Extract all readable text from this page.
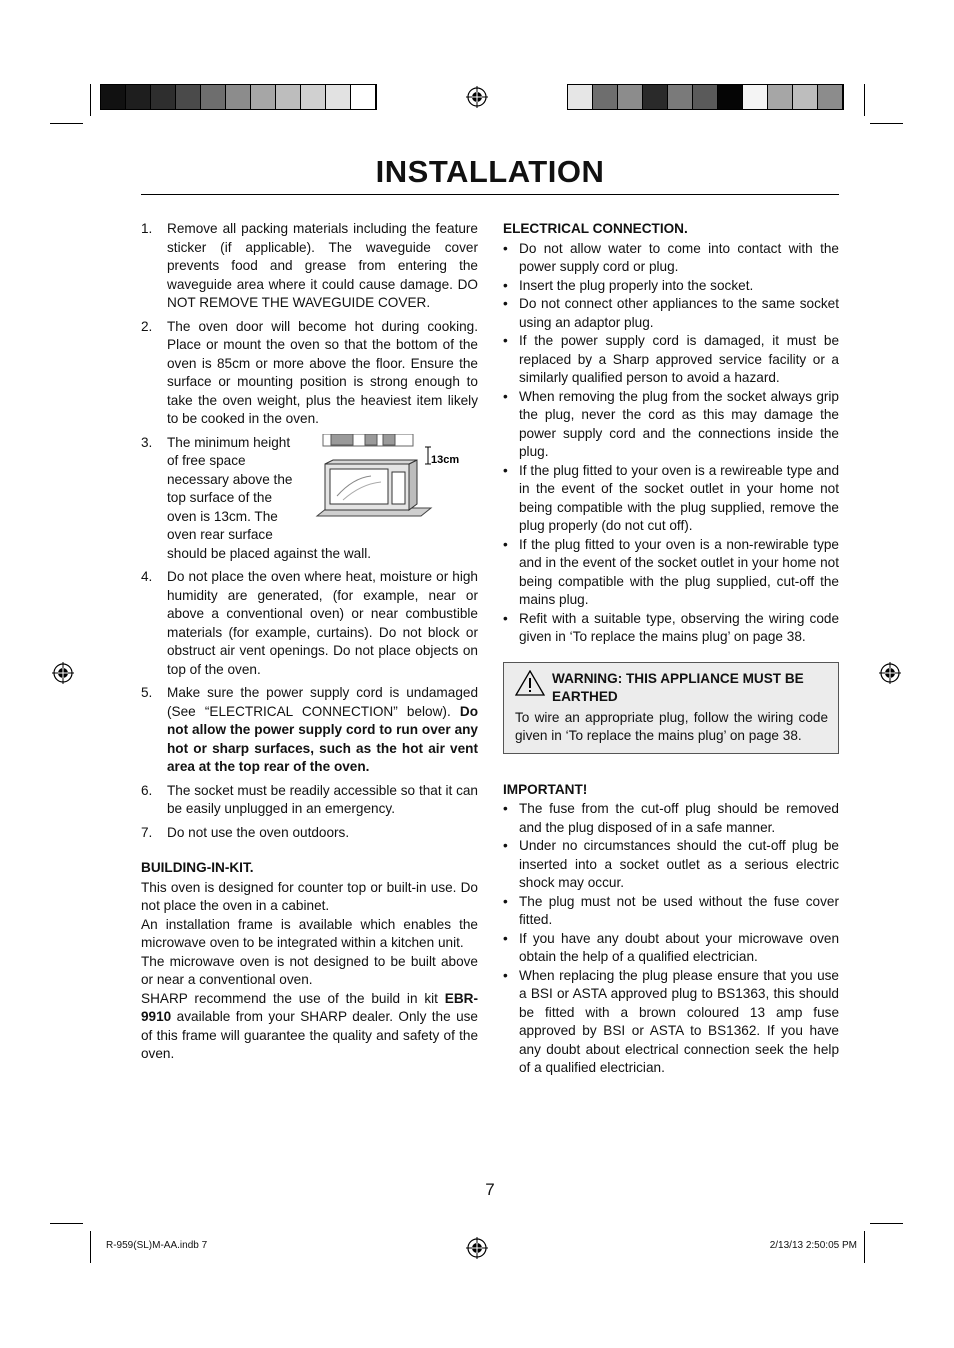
INSTALLATION
1.	Remove all packing materials including the feature sticker (if applicable). The waveguide cover prevents food and grease from entering the waveguide area where it could cause damage. DO NOT REMOVE THE WAVEGUIDE COVER.
2.	The oven door will become hot during cooking. Place or mount the oven so that the bottom of the oven is 85cm or more above the floor. Ensure the surface or mounting position is strong enough to take the oven weight, plus the heaviest item likely to be cooked in the oven.
3.	The minimum height of free space necessary above the top surface of the oven is 13cm. The oven rear surface
should be placed against the wall.
13cm
4.	Do not place the oven where heat, moisture or high humidity are generated, (for example, near or above a conventional oven) or near combustible materials (for example, curtains). Do not block or obstruct air vent openings. Do not place objects on top of the oven.
5.	Make sure the power supply cord is undamaged (See “ELECTRICAL CONNECTION” below). Do not allow the power supply cord to run over any hot or sharp surfaces, such as the hot air vent area at the top rear of the oven.
6.	The socket must be readily accessible so that it can be easily unplugged in an emergency.
7.	Do not use the oven outdoors.
BUILDING-IN-KIT.

This oven is designed for counter top or built-in use. Do not place the oven in a cabinet.

An installation frame is available which enables the microwave oven to be integrated within a kitchen unit.

The microwave oven is not designed to be built above or near a conventional oven.

SHARP recommend the use of the build in kit EBR-9910 available from your SHARP dealer. Only the use of this frame will guarantee the quality and safety of the oven.

ELECTRICAL CONNECTION.
• Do not allow water to come into contact with the power supply cord or plug.
• Insert the plug properly into the socket.
• Do not connect other appliances to the same socket using an adaptor plug.
• If the power supply cord is damaged, it must be replaced by a Sharp approved service facility or a similarly qualified person to avoid a hazard.
• When removing the plug from the socket always grip the plug, never the cord as this may damage the power supply cord and the connections inside the plug.
• If the plug fitted to your oven is a rewireable type and in the event of the socket outlet in your home not being compatible with the plug supplied, remove the plug properly (do not cut off).
• If the plug fitted to your oven is a non-rewirable type and in the event of the socket outlet in your home not being compatible with the plug supplied, cut-off the mains plug.
• Refit with a suitable type, observing the wiring code given in ‘To replace the mains plug’ on page 38.
WARNING: THIS APPLIANCE MUST BE EARTHED

To wire an appropriate plug, follow the wiring code given in ‘To replace the mains plug’ on page 38.

IMPORTANT!
• The fuse from the cut-off plug should be removed and the plug disposed of in a safe manner.
• Under no circumstances should the cut-off plug be inserted into a socket outlet as a serious electric shock may occur.
• The plug must not be used without the fuse cover fitted.
• If you have any doubt about your microwave oven obtain the help of a qualified electrician.
• When replacing the plug please ensure that you use a BSI or ASTA approved plug to BS1363, this should be fitted with a brown coloured 13 amp fuse approved by BSI or ASTA to BS1362. If you have any doubt about electrical connection seek the help of a qualified electrician.
7
R-959(SL)M-AA.indb 7	2/13/13 2:50:05 PM
